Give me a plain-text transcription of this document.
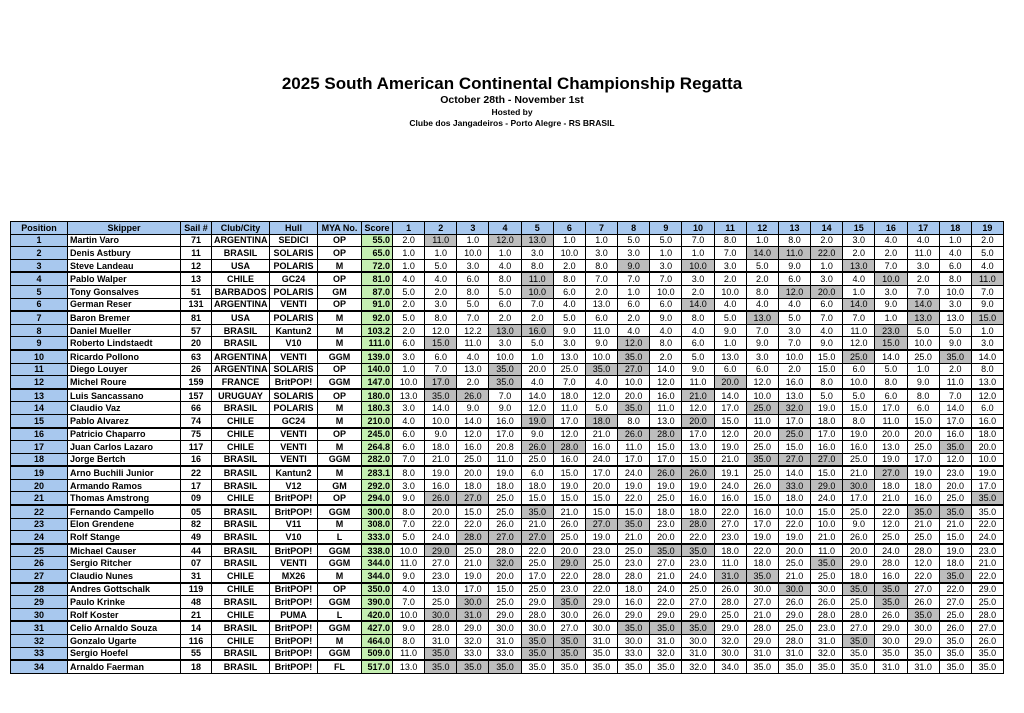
2025 South American Continental Championship Regatta
October 28th - November 1st
Hosted by
Clube dos Jangadeiros - Porto Alegre - RS BRASIL
Position	Skipper	Sail #	Club/City	Hull	MYA No.	Score	1	2	3	4	5	6	7	8	9	10	11	12	13	14	15	16	17	18	19
1	Martin Varo	71	ARGENTINA	SEDICI	OP	55.0	2.0	11.0	1.0	12.0	13.0	1.0	1.0	5.0	5.0	7.0	8.0	1.0	8.0	2.0	3.0	4.0	4.0	1.0	2.0
2	Denis Astbury	11	BRASIL	SOLARIS	OP	65.0	1.0	1.0	10.0	1.0	3.0	10.0	3.0	3.0	1.0	1.0	7.0	14.0	11.0	22.0	2.0	2.0	11.0	4.0	5.0
3	Steve Landeau	12	USA	POLARIS	M	72.0	1.0	5.0	3.0	4.0	8.0	2.0	8.0	9.0	3.0	10.0	3.0	5.0	9.0	1.0	13.0	7.0	3.0	6.0	4.0
4	Pablo Walper	13	CHILE	GC24	OP	81.0	4.0	4.0	6.0	8.0	11.0	8.0	7.0	7.0	7.0	3.0	2.0	2.0	6.0	3.0	4.0	10.0	2.0	8.0	11.0
5	Tony Gonsalves	51	BARBADOS	POLARIS	GM	87.0	5.0	2.0	8.0	5.0	10.0	6.0	2.0	1.0	10.0	2.0	10.0	8.0	12.0	20.0	1.0	3.0	7.0	10.0	7.0
6	German Reser	131	ARGENTINA	VENTI	OP	91.0	2.0	3.0	5.0	6.0	7.0	4.0	13.0	6.0	6.0	14.0	4.0	4.0	4.0	6.0	14.0	9.0	14.0	3.0	9.0
7	Baron Bremer	81	USA	POLARIS	M	92.0	5.0	8.0	7.0	2.0	2.0	5.0	6.0	2.0	9.0	8.0	5.0	13.0	5.0	7.0	7.0	1.0	13.0	13.0	15.0
8	Daniel Mueller	57	BRASIL	Kantun2	M	103.2	2.0	12.0	12.2	13.0	16.0	9.0	11.0	4.0	4.0	4.0	9.0	7.0	3.0	4.0	11.0	23.0	5.0	5.0	1.0
9	Roberto Lindstaedt	20	BRASIL	V10	M	111.0	6.0	15.0	11.0	3.0	5.0	3.0	9.0	12.0	8.0	6.0	1.0	9.0	7.0	9.0	12.0	15.0	10.0	9.0	3.0
10	Ricardo Pollono	63	ARGENTINA	VENTI	GGM	139.0	3.0	6.0	4.0	10.0	1.0	13.0	10.0	35.0	2.0	5.0	13.0	3.0	10.0	15.0	25.0	14.0	25.0	35.0	14.0
11	Diego Louyer	26	ARGENTINA	SOLARIS	OP	140.0	1.0	7.0	13.0	35.0	20.0	25.0	35.0	27.0	14.0	9.0	6.0	6.0	2.0	15.0	6.0	5.0	1.0	2.0	8.0
12	Michel Roure	159	FRANCE	BritPOP!	GGM	147.0	10.0	17.0	2.0	35.0	4.0	7.0	4.0	10.0	12.0	11.0	20.0	12.0	16.0	8.0	10.0	8.0	9.0	11.0	13.0
13	Luis Sancassano	157	URUGUAY	SOLARIS	OP	180.0	13.0	35.0	26.0	7.0	14.0	18.0	12.0	20.0	16.0	21.0	14.0	10.0	13.0	5.0	5.0	6.0	8.0	7.0	12.0
14	Claudio Vaz	66	BRASIL	POLARIS	M	180.3	3.0	14.0	9.0	9.0	12.0	11.0	5.0	35.0	11.0	12.0	17.0	25.0	32.0	19.0	15.0	17.0	6.0	14.0	6.0
15	Pablo Alvarez	74	CHILE	GC24	M	210.0	4.0	10.0	14.0	16.0	19.0	17.0	18.0	8.0	13.0	20.0	15.0	11.0	17.0	18.0	8.0	11.0	15.0	17.0	16.0
16	Patricio Chaparro	75	CHILE	VENTI	OP	245.0	6.0	9.0	12.0	17.0	9.0	12.0	21.0	26.0	28.0	17.0	12.0	20.0	25.0	17.0	19.0	20.0	20.0	16.0	18.0
17	Juan Carlos Lazaro	117	CHILE	VENTI	M	264.8	6.0	18.0	16.0	20.8	26.0	28.0	16.0	11.0	15.0	13.0	19.0	25.0	15.0	16.0	16.0	13.0	25.0	35.0	20.0
18	Jorge Bertch	16	BRASIL	VENTI	GGM	282.0	7.0	21.0	25.0	11.0	25.0	16.0	24.0	17.0	17.0	15.0	21.0	35.0	27.0	27.0	25.0	19.0	17.0	12.0	10.0
19	Arno Buchili Junior	22	BRASIL	Kantun2	M	283.1	8.0	19.0	20.0	19.0	6.0	15.0	17.0	24.0	26.0	26.0	19.1	25.0	14.0	15.0	21.0	27.0	19.0	23.0	19.0
20	Armando Ramos	17	BRASIL	V12	GM	292.0	3.0	16.0	18.0	18.0	18.0	19.0	20.0	19.0	19.0	19.0	24.0	26.0	33.0	29.0	30.0	18.0	18.0	20.0	17.0
21	Thomas Amstrong	09	CHILE	BritPOP!	OP	294.0	9.0	26.0	27.0	25.0	15.0	15.0	15.0	22.0	25.0	16.0	16.0	15.0	18.0	24.0	17.0	21.0	16.0	25.0	35.0
22	Fernando Campello	05	BRASIL	BritPOP!	GGM	300.0	8.0	20.0	15.0	25.0	35.0	21.0	15.0	15.0	18.0	18.0	22.0	16.0	10.0	15.0	25.0	22.0	35.0	35.0	35.0
23	Elon Grendene	82	BRASIL	V11	M	308.0	7.0	22.0	22.0	26.0	21.0	26.0	27.0	35.0	23.0	28.0	27.0	17.0	22.0	10.0	9.0	12.0	21.0	21.0	22.0
24	Rolf Stange	49	BRASIL	V10	L	333.0	5.0	24.0	28.0	27.0	27.0	25.0	19.0	21.0	20.0	22.0	23.0	19.0	19.0	21.0	26.0	25.0	25.0	15.0	24.0
25	Michael Causer	44	BRASIL	BritPOP!	GGM	338.0	10.0	29.0	25.0	28.0	22.0	20.0	23.0	25.0	35.0	35.0	18.0	22.0	20.0	11.0	20.0	24.0	28.0	19.0	23.0
26	Sergio Ritcher	07	BRASIL	VENTI	GGM	344.0	11.0	27.0	21.0	32.0	25.0	29.0	25.0	23.0	27.0	23.0	11.0	18.0	25.0	35.0	29.0	28.0	12.0	18.0	21.0
27	Claudio Nunes	31	CHILE	MX26	M	344.0	9.0	23.0	19.0	20.0	17.0	22.0	28.0	28.0	21.0	24.0	31.0	35.0	21.0	25.0	18.0	16.0	22.0	35.0	22.0
28	Andres Gottschalk	119	CHILE	BritPOP!	OP	350.0	4.0	13.0	17.0	15.0	25.0	23.0	22.0	18.0	24.0	25.0	26.0	30.0	30.0	30.0	35.0	35.0	27.0	22.0	29.0
29	Paulo Krinke	48	BRASIL	BritPOP!	GGM	390.0	7.0	25.0	30.0	25.0	29.0	35.0	29.0	16.0	22.0	27.0	28.0	27.0	26.0	26.0	25.0	35.0	26.0	27.0	25.0
30	Rolf Koster	21	CHILE	PUMA	L	420.0	10.0	30.0	31.0	29.0	28.0	30.0	26.0	29.0	29.0	29.0	25.0	21.0	29.0	28.0	28.0	26.0	35.0	25.0	28.0
31	Celio Arnaldo Souza	14	BRASIL	BritPOP!	GGM	427.0	9.0	28.0	29.0	30.0	30.0	27.0	30.0	35.0	35.0	35.0	29.0	28.0	25.0	23.0	27.0	29.0	30.0	26.0	27.0
32	Gonzalo Ugarte	116	CHILE	BritPOP!	M	464.0	8.0	31.0	32.0	31.0	35.0	35.0	31.0	30.0	31.0	30.0	32.0	29.0	28.0	31.0	35.0	30.0	29.0	35.0	26.0
33	Sergio Hoefel	55	BRASIL	BritPOP!	GGM	509.0	11.0	35.0	33.0	33.0	35.0	35.0	35.0	33.0	32.0	31.0	30.0	31.0	31.0	32.0	35.0	35.0	35.0	35.0	35.0
34	Arnaldo Faerman	18	BRASIL	BritPOP!	FL	517.0	13.0	35.0	35.0	35.0	35.0	35.0	35.0	35.0	35.0	32.0	34.0	35.0	35.0	35.0	35.0	31.0	31.0	35.0	35.0
